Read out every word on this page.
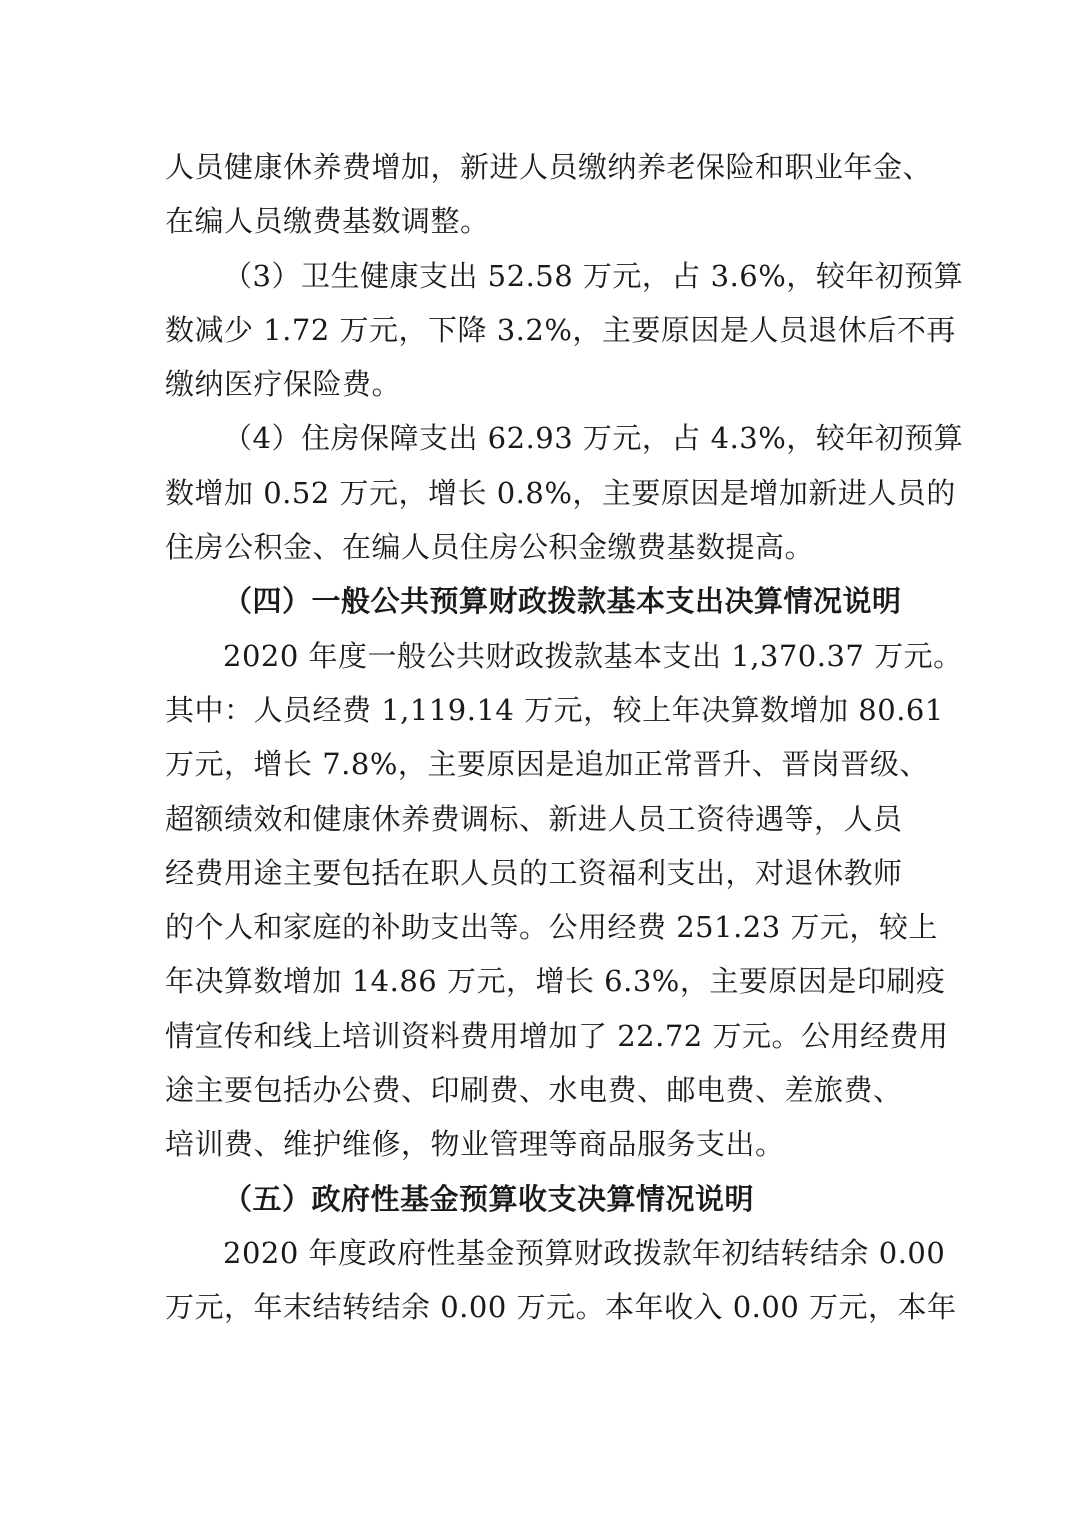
人员健康休养费增加，新进人员缴纳养老保险和职业年金、
在编人员缴费基数调整。
（3）卫生健康支出 52.58 万元，占 3.6%，较年初预算
数减少 1.72 万元，下降 3.2%，主要原因是人员退休后不再
缴纳医疗保险费。
（4）住房保障支出 62.93 万元，占 4.3%，较年初预算
数增加 0.52 万元，增长 0.8%，主要原因是增加新进人员的
住房公积金、在编人员住房公积金缴费基数提高。
（四）一般公共预算财政拨款基本支出决算情况说明
2020 年度一般公共财政拨款基本支出 1,370.37 万元。
其中：人员经费 1,119.14 万元，较上年决算数增加 80.61
万元，增长 7.8%，主要原因是追加正常晋升、晋岗晋级、
超额绩效和健康休养费调标、新进人员工资待遇等，人员
经费用途主要包括在职人员的工资福利支出，对退休教师
的个人和家庭的补助支出等。公用经费 251.23 万元，较上
年决算数增加 14.86 万元，增长 6.3%，主要原因是印刷疫
情宣传和线上培训资料费用增加了 22.72 万元。公用经费用
途主要包括办公费、印刷费、水电费、邮电费、差旅费、
培训费、维护维修，物业管理等商品服务支出。
（五）政府性基金预算收支决算情况说明
2020 年度政府性基金预算财政拨款年初结转结余 0.00
万元，年末结转结余 0.00 万元。本年收入 0.00 万元，本年
